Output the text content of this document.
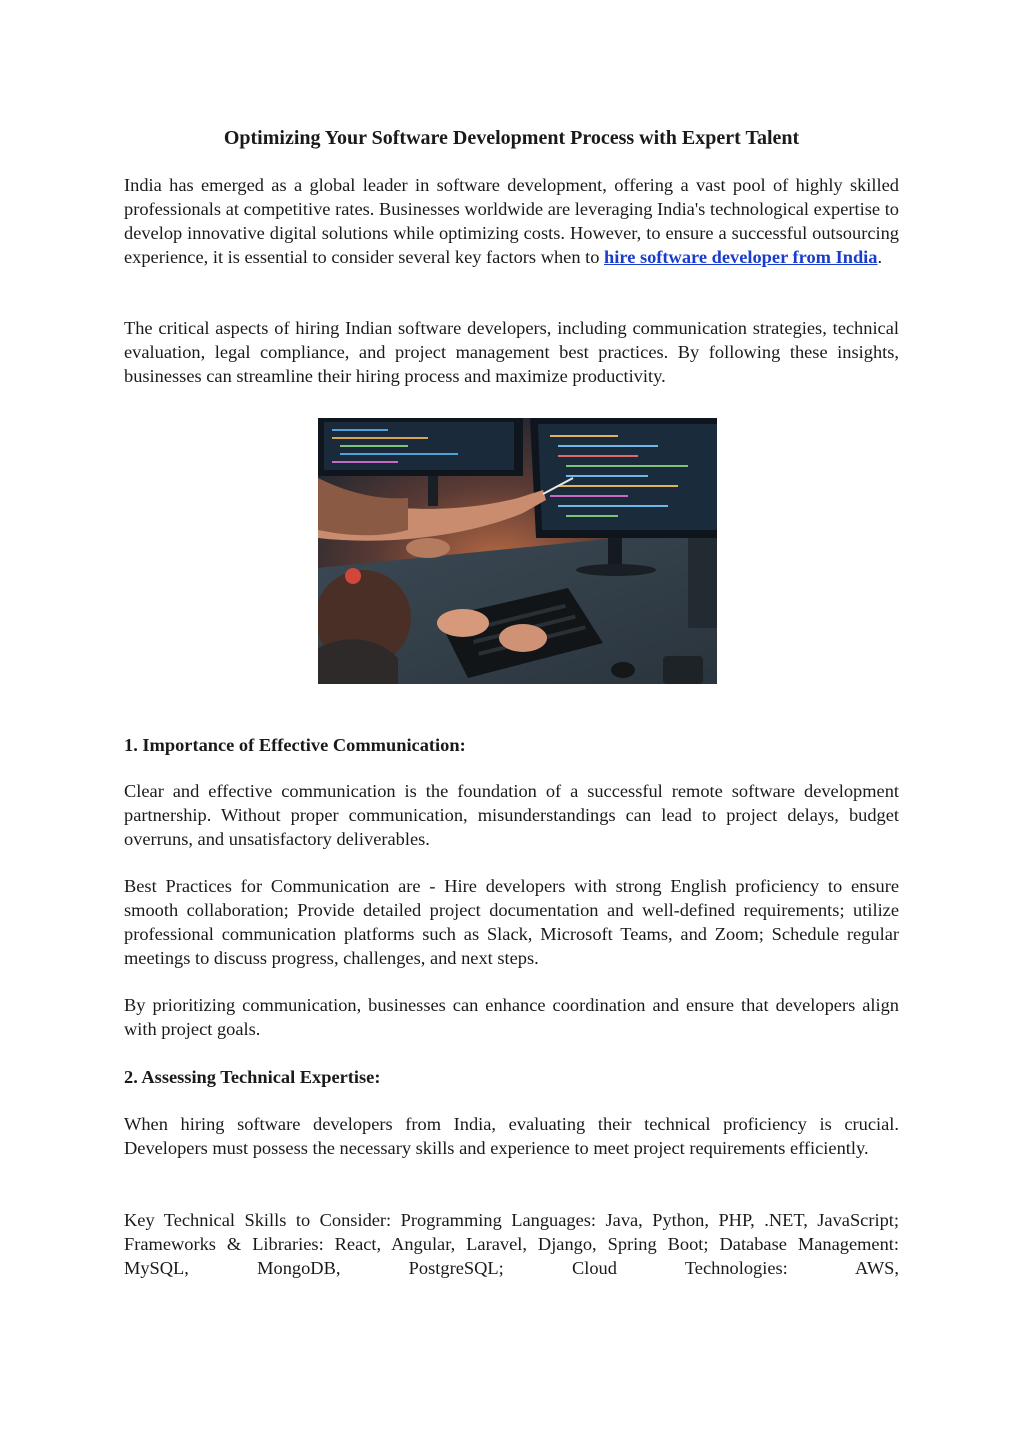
Optimizing Your Software Development Process with Expert Talent

India has emerged as a global leader in software development, offering a vast pool of highly skilled professionals at competitive rates. Businesses worldwide are leveraging India's technological expertise to develop innovative digital solutions while optimizing costs. However, to ensure a successful outsourcing experience, it is essential to consider several key factors when to hire software developer from India.

The critical aspects of hiring Indian software developers, including communication strategies, technical evaluation, legal compliance, and project management best practices. By following these insights, businesses can streamline their hiring process and maximize productivity.

1. Importance of Effective Communication:

Clear and effective communication is the foundation of a successful remote software development partnership. Without proper communication, misunderstandings can lead to project delays, budget overruns, and unsatisfactory deliverables.

Best Practices for Communication are - Hire developers with strong English proficiency to ensure smooth collaboration; Provide detailed project documentation and well-defined requirements; utilize professional communication platforms such as Slack, Microsoft Teams, and Zoom; Schedule regular meetings to discuss progress, challenges, and next steps.

By prioritizing communication, businesses can enhance coordination and ensure that developers align with project goals.

2. Assessing Technical Expertise:

When hiring software developers from India, evaluating their technical proficiency is crucial. Developers must possess the necessary skills and experience to meet project requirements efficiently.

Key Technical Skills to Consider: Programming Languages: Java, Python, PHP, .NET, JavaScript; Frameworks & Libraries: React, Angular, Laravel, Django, Spring Boot; Database Management: MySQL, MongoDB, PostgreSQL; Cloud Technologies: AWS,
